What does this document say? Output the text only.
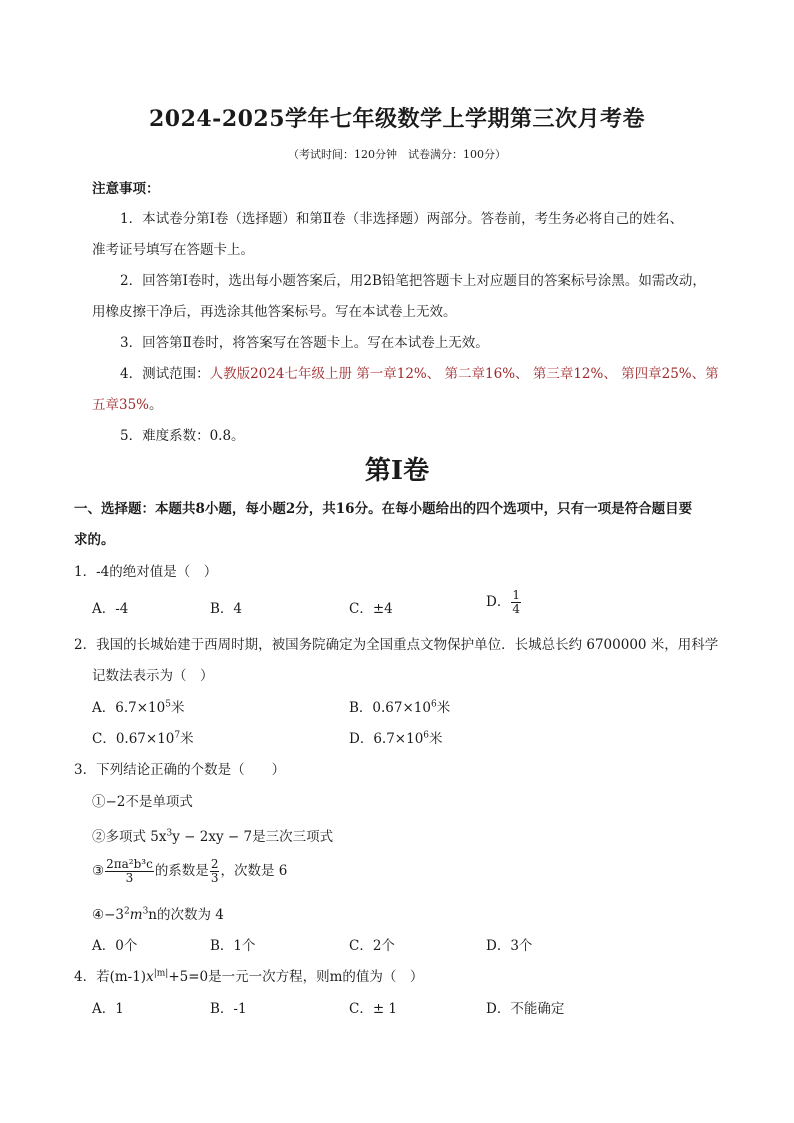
2024-2025学年七年级数学上学期第三次月考卷
（考试时间：120分钟　试卷满分：100分）
注意事项：
1．本试卷分第Ⅰ卷（选择题）和第Ⅱ卷（非选择题）两部分。答卷前，考生务必将自己的姓名、
准考证号填写在答题卡上。
2．回答第Ⅰ卷时，选出每小题答案后，用2B铅笔把答题卡上对应题目的答案标号涂黑。如需改动，
用橡皮擦干净后，再选涂其他答案标号。写在本试卷上无效。
3．回答第Ⅱ卷时，将答案写在答题卡上。写在本试卷上无效。
4．测试范围：人教版2024七年级上册 第一章12%、 第二章16%、 第三章12%、 第四章25%、第
五章35%。
5．难度系数：0.8。
第Ⅰ卷
一、选择题：本题共8小题，每小题2分，共16分。在每小题给出的四个选项中，只有一项是符合题目要
求的。
1．-4的绝对值是（　）
A．-4	B．4	C．±4	D． $\frac{1}{4}$
2．我国的长城始建于西周时期，被国务院确定为全国重点文物保护单位．长城总长约 6700000 米，用科学
记数法表示为（　）
A．$6.7\times 10^5$米	B．$0.67\times 10^6$米
C．$0.67\times 10^7$米	D．$6.7\times 10^6$米
3．下列结论正确的个数是（　　）
①−2不是单项式
②多项式 $5x^3y - 2xy - 7$是三次三项式
③ $\frac{\text{2πa²b³c}}{3}$ 的系数是 $\frac{2}{3}$ ，次数是 6
$④-3^2m^3n$的次数为 4
A．0个	B．1个	C．2个	D．3个
4．若$(m-1)x^{|m|}+5=0$是一元一次方程，则m的值为（　）
A．1	B．-1	C．± 1	D．不能确定
